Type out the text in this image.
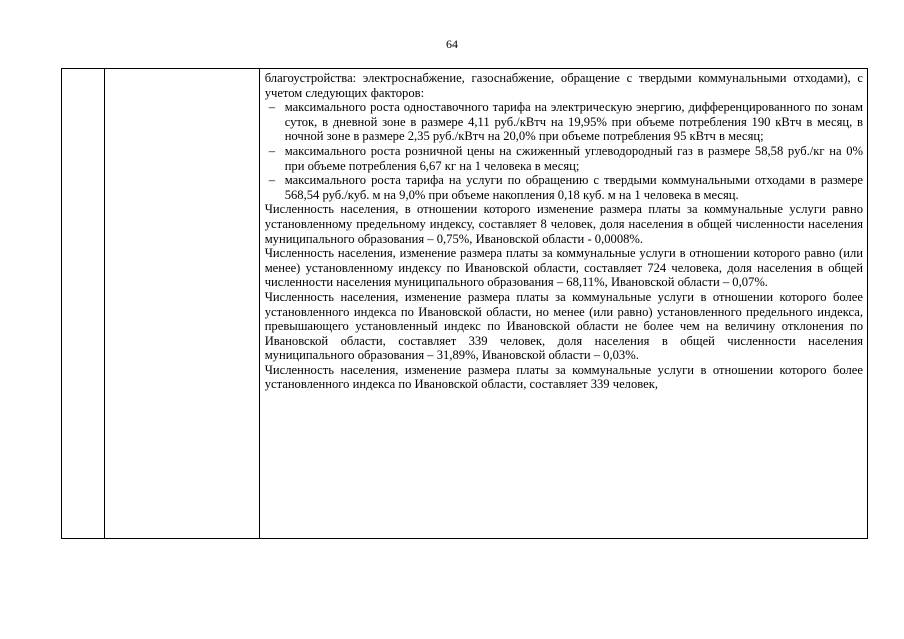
64

благоустройства: электроснабжение, газоснабжение, обращение с твердыми коммунальными отходами), с учетом следующих факторов:

– максимального роста одноставочного тарифа на электрическую энергию, дифференцированного по зонам суток, в дневной зоне в размере 4,11 руб./кВтч на 19,95% при объеме потребления 190 кВтч в месяц, в ночной зоне в размере 2,35 руб./кВтч на 20,0% при объеме потребления 95 кВтч в месяц;
– максимального роста розничной цены на сжиженный углеводородный газ в размере 58,58 руб./кг на 0% при объеме потребления 6,67 кг на 1 человека в месяц;
– максимального роста тарифа на услуги по обращению с твердыми коммунальными отходами в размере 568,54 руб./куб. м на 9,0% при объеме накопления 0,18 куб. м на 1 человека в месяц.

Численность населения, в отношении которого изменение размера платы за коммунальные услуги равно установленному предельному индексу, составляет 8 человек, доля населения в общей численности населения муниципального образования – 0,75%, Ивановской области - 0,0008%.

Численность населения, изменение размера платы за коммунальные услуги в отношении которого равно (или менее) установленному индексу по Ивановской области, составляет 724 человека, доля населения в общей численности населения муниципального образования – 68,11%, Ивановской области – 0,07%.

Численность населения, изменение размера платы за коммунальные услуги в отношении которого более установленного индекса по Ивановской области, но менее (или равно) установленного предельного индекса, превышающего установленный индекс по Ивановской области не более чем на величину отклонения по Ивановской области, составляет 339 человек, доля населения в общей численности населения муниципального образования – 31,89%, Ивановской области – 0,03%.

Численность населения, изменение размера платы за коммунальные услуги в отношении которого более установленного индекса по Ивановской области, составляет 339 человек,
